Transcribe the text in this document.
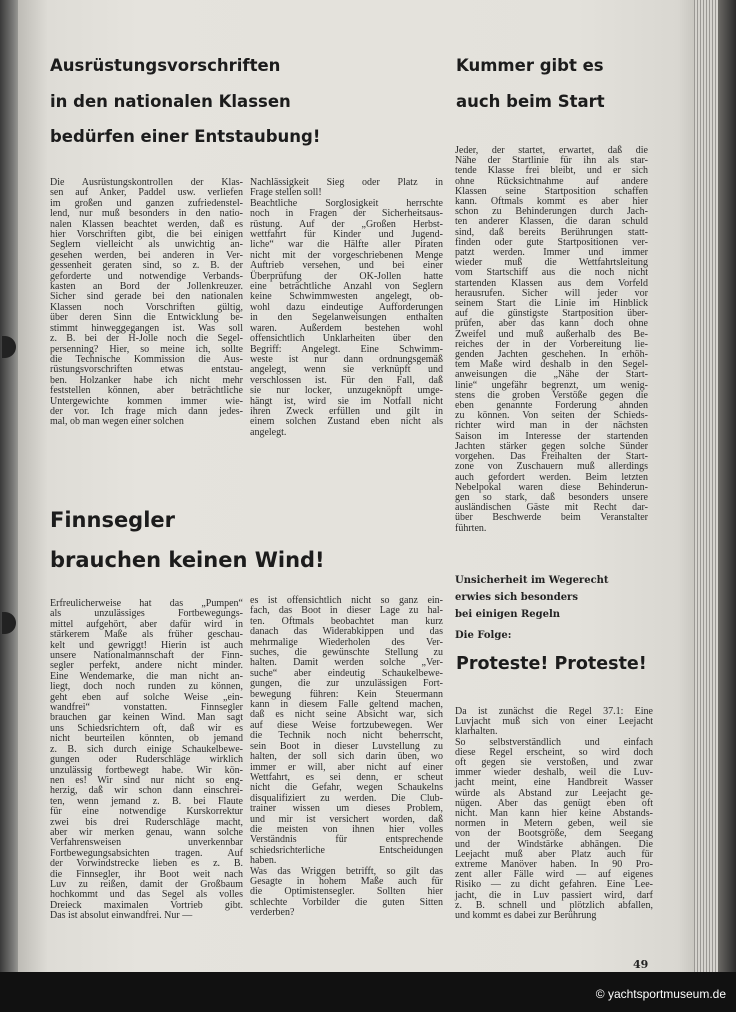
Ausrüstungsvorschriften
in den nationalen Klassen
bedürfen einer Entstaubung!
Die Ausrüstungskontrollen der Klas-
sen auf Anker, Paddel usw. verliefen
im großen und ganzen zufriedenstel-
lend, nur muß besonders in den natio-
nalen Klassen beachtet werden, daß es
hier Vorschriften gibt, die bei einigen
Seglern vielleicht als unwichtig an-
gesehen werden, bei anderen in Ver-
gessenheit geraten sind, so z. B. der
geforderte und notwendige Verbands-
kasten an Bord der Jollenkreuzer.
Sicher sind gerade bei den nationalen
Klassen noch Vorschriften gültig,
über deren Sinn die Entwicklung be-
stimmt hinweggegangen ist. Was soll
z. B. bei der H-Jolle noch die Segel-
persenning? Hier, so meine ich, sollte
die Technische Kommission die Aus-
rüstungsvorschriften etwas entstau-
ben. Holzanker habe ich nicht mehr
feststellen können, aber beträchtliche
Untergewichte kommen immer wie-
der vor. Ich frage mich dann jedes-
mal, ob man wegen einer solchen
Nachlässigkeit Sieg oder Platz in
Frage stellen soll!
Beachtliche Sorglosigkeit herrschte
noch in Fragen der Sicherheitsaus-
rüstung. Auf der „Großen Herbst-
wettfahrt für Kinder und Jugend-
liche“ war die Hälfte aller Piraten
nicht mit der vorgeschriebenen Menge
Auftrieb versehen, und bei einer
Überprüfung der OK-Jollen hatte
eine beträchtliche Anzahl von Seglern
keine Schwimmwesten angelegt, ob-
wohl dazu eindeutige Aufforderungen
in den Segelanweisungen enthalten
waren. Außerdem bestehen wohl
offensichtlich Unklarheiten über den
Begriff: Angelegt. Eine Schwimm-
weste ist nur dann ordnungsgemäß
angelegt, wenn sie verknüpft und
verschlossen ist. Für den Fall, daß
sie nur locker, unzugeknöpft umge-
hängt ist, wird sie im Notfall nicht
ihren Zweck erfüllen und gilt in
einem solchen Zustand eben nicht als
angelegt.
Kummer gibt es
auch beim Start
Jeder, der startet, erwartet, daß die
Nähe der Startlinie für ihn als star-
tende Klasse frei bleibt, und er sich
ohne Rücksichtnahme auf andere
Klassen seine Startposition schaffen
kann. Oftmals kommt es aber hier
schon zu Behinderungen durch Jach-
ten anderer Klassen, die daran schuld
sind, daß bereits Berührungen statt-
finden oder gute Startpositionen ver-
patzt werden. Immer und immer
wieder muß die Wettfahrtsleitung
vom Startschiff aus die noch nicht
startenden Klassen aus dem Vorfeld
herausrufen. Sicher will jeder vor
seinem Start die Linie im Hinblick
auf die günstigste Startposition über-
prüfen, aber das kann doch ohne
Zweifel und muß außerhalb des Be-
reiches der in der Vorbereitung lie-
genden Jachten geschehen. In erhöh-
tem Maße wird deshalb in den Segel-
anweisungen die „Nähe der Start-
linie“ ungefähr begrenzt, um wenig-
stens die groben Verstöße gegen die
eben genannte Forderung ahnden
zu können. Von seiten der Schieds-
richter wird man in der nächsten
Saison im Interesse der startenden
Jachten stärker gegen solche Sünder
vorgehen. Das Freihalten der Start-
zone von Zuschauern muß allerdings
auch gefordert werden. Beim letzten
Nebelpokal waren diese Behinderun-
gen so stark, daß besonders unsere
ausländischen Gäste mit Recht dar-
über Beschwerde beim Veranstalter
führten.
Finnsegler
brauchen keinen Wind!
Erfreulicherweise hat das „Pumpen“
als unzulässiges Fortbewegungs-
mittel aufgehört, aber dafür wird in
stärkerem Maße als früher geschau-
kelt und gewriggt! Hierin ist auch
unsere Nationalmannschaft der Finn-
segler perfekt, andere nicht minder.
Eine Wendemarke, die man nicht an-
liegt, doch noch runden zu können,
geht eben auf solche Weise „ein-
wandfrei“ vonstatten. Finnsegler
brauchen gar keinen Wind. Man sagt
uns Schiedsrichtern oft, daß wir es
nicht beurteilen könnten, ob jemand
z. B. sich durch einige Schaukelbewe-
gungen oder Ruderschläge wirklich
unzulässig fortbewegt habe. Wir kön-
nen es! Wir sind nur nicht so eng-
herzig, daß wir schon dann einschrei-
ten, wenn jemand z. B. bei Flaute
für eine notwendige Kurskorrektur
zwei bis drei Ruderschläge macht,
aber wir merken genau, wann solche
Verfahrensweisen unverkennbar
Fortbewegungsabsichten tragen. Auf
der Vorwindstrecke lieben es z. B.
die Finnsegler, ihr Boot weit nach
Luv zu reißen, damit der Großbaum
hochkommt und das Segel als volles
Dreieck maximalen Vortrieb gibt.
Das ist absolut einwandfrei. Nur —
es ist offensichtlich nicht so ganz ein-
fach, das Boot in dieser Lage zu hal-
ten. Oftmals beobachtet man kurz
danach das Widerabkippen und das
mehrmalige Wiederholen des Ver-
suches, die gewünschte Stellung zu
halten. Damit werden solche „Ver-
suche“ aber eindeutig Schaukelbewe-
gungen, die zur unzulässigen Fort-
bewegung führen: Kein Steuermann
kann in diesem Falle geltend machen,
daß es nicht seine Absicht war, sich
auf diese Weise fortzubewegen. Wer
die Technik noch nicht beherrscht,
sein Boot in dieser Luvstellung zu
halten, der soll sich darin üben, wo
immer er will, aber nicht auf einer
Wettfahrt, es sei denn, er scheut
nicht die Gefahr, wegen Schaukelns
disqualifiziert zu werden. Die Club-
trainer wissen um dieses Problem,
und mir ist versichert worden, daß
die meisten von ihnen hier volles
Verständnis für entsprechende
schiedsrichterliche Entscheidungen
haben.
Was das Wriggen betrifft, so gilt das
Gesagte in hohem Maße auch für
die Optimistensegler. Sollten hier
schlechte Vorbilder die guten Sitten
verderben?
Unsicherheit im Wegerecht
erwies sich besonders
bei einigen Regeln
Die Folge:
Proteste! Proteste!
Da ist zunächst die Regel 37.1: Eine
Luvjacht muß sich von einer Leejacht
klarhalten.
So selbstverständlich und einfach
diese Regel erscheint, so wird doch
oft gegen sie verstoßen, und zwar
immer wieder deshalb, weil die Luv-
jacht meint, eine Handbreit Wasser
würde als Abstand zur Leejacht ge-
nügen. Aber das genügt eben oft
nicht. Man kann hier keine Abstands-
normen in Metern geben, weil sie
von der Bootsgröße, dem Seegang
und der Windstärke abhängen. Die
Leejacht muß aber Platz auch für
extreme Manöver haben. In 90 Pro-
zent aller Fälle wird — auf eigenes
Risiko — zu dicht gefahren. Eine Lee-
jacht, die in Luv passiert wird, darf
z. B. schnell und plötzlich abfallen,
und kommt es dabei zur Berührung
49
© yachtsportmuseum.de
